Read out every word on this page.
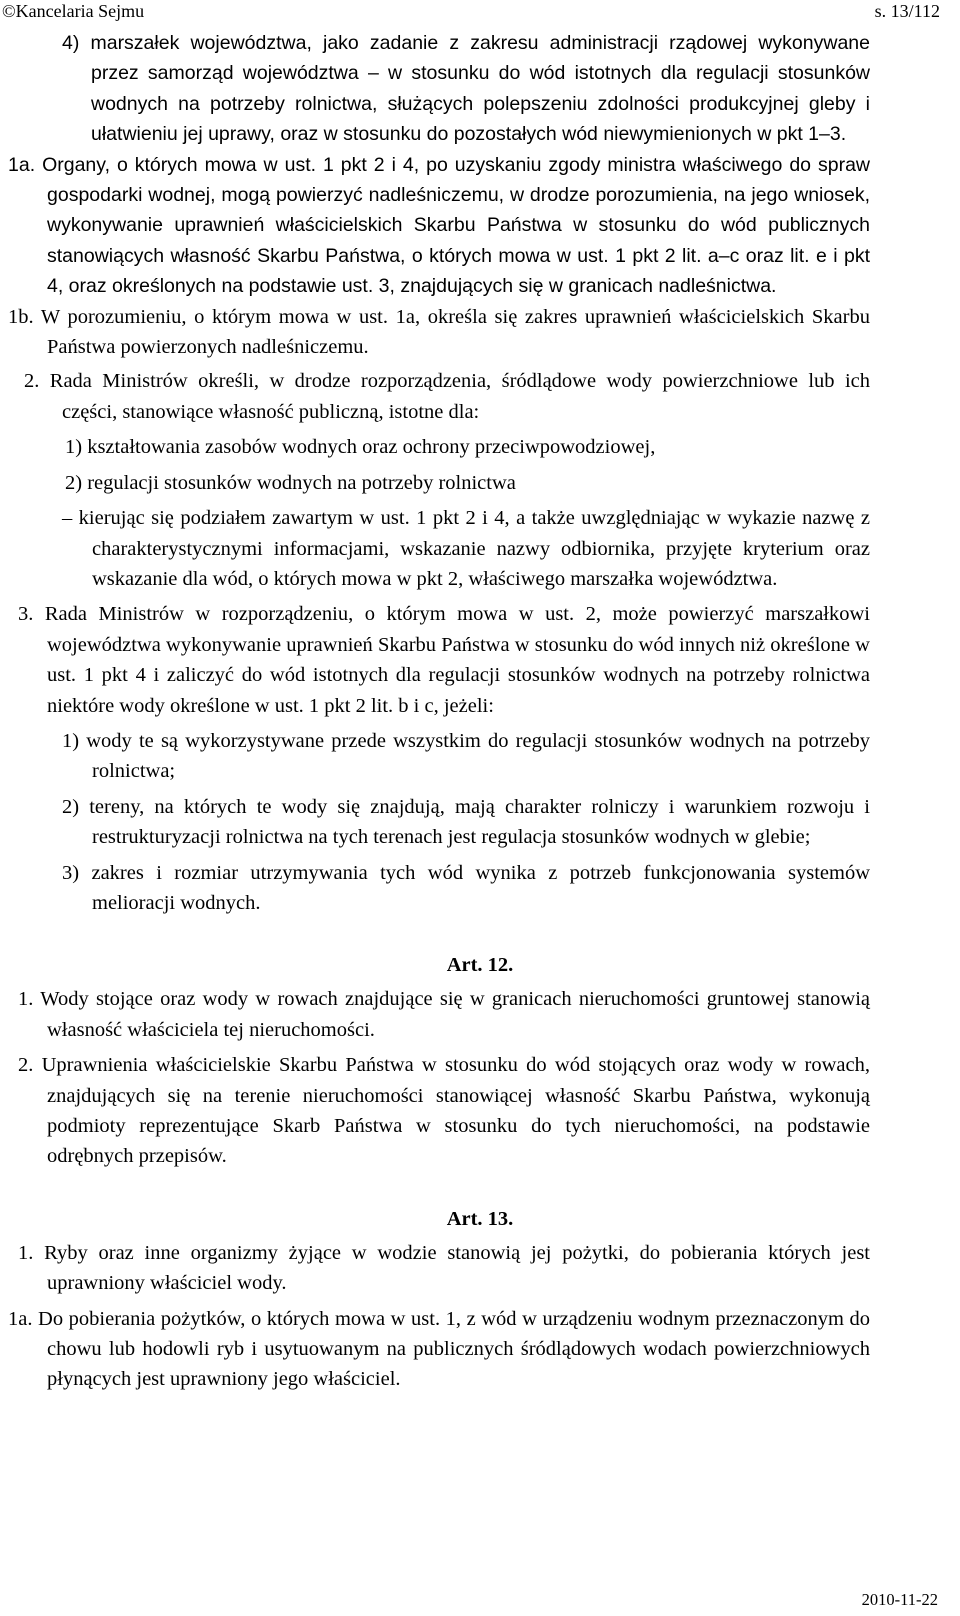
©Kancelaria Sejmu	s. 13/112

4) marszałek województwa, jako zadanie z zakresu administracji rządowej wykonywane przez samorząd województwa – w stosunku do wód istotnych dla regulacji stosunków wodnych na potrzeby rolnictwa, służących polepszeniu zdolności produkcyjnej gleby i ułatwieniu jej uprawy, oraz w stosunku do pozostałych wód niewymienionych w pkt 1–3.

1a. Organy, o których mowa w ust. 1 pkt 2 i 4, po uzyskaniu zgody ministra właściwego do spraw gospodarki wodnej, mogą powierzyć nadleśniczemu, w drodze porozumienia, na jego wniosek, wykonywanie uprawnień właścicielskich Skarbu Państwa w stosunku do wód publicznych stanowiących własność Skarbu Państwa, o których mowa w ust. 1 pkt 2 lit. a–c oraz lit. e i pkt 4, oraz określonych na podstawie ust. 3, znajdujących się w granicach nadleśnictwa.

1b. W porozumieniu, o którym mowa w ust. 1a, określa się zakres uprawnień właścicielskich Skarbu Państwa powierzonych nadleśniczemu.

2. Rada Ministrów określi, w drodze rozporządzenia, śródlądowe wody powierzchniowe lub ich części, stanowiące własność publiczną, istotne dla:

1) kształtowania zasobów wodnych oraz ochrony przeciwpowodziowej,

2) regulacji stosunków wodnych na potrzeby rolnictwa

– kierując się podziałem zawartym w ust. 1 pkt 2 i 4, a także uwzględniając w wykazie nazwę z charakterystycznymi informacjami, wskazanie nazwy odbiornika, przyjęte kryterium oraz wskazanie dla wód, o których mowa w pkt 2, właściwego marszałka województwa.

3. Rada Ministrów w rozporządzeniu, o którym mowa w ust. 2, może powierzyć marszałkowi województwa wykonywanie uprawnień Skarbu Państwa w stosunku do wód innych niż określone w ust. 1 pkt 4 i zaliczyć do wód istotnych dla regulacji stosunków wodnych na potrzeby rolnictwa niektóre wody określone w ust. 1 pkt 2 lit. b i c, jeżeli:

1) wody te są wykorzystywane przede wszystkim do regulacji stosunków wodnych na potrzeby rolnictwa;

2) tereny, na których te wody się znajdują, mają charakter rolniczy i warunkiem rozwoju i restrukturyzacji rolnictwa na tych terenach jest regulacja stosunków wodnych w glebie;

3) zakres i rozmiar utrzymywania tych wód wynika z potrzeb funkcjonowania systemów melioracji wodnych.

Art. 12.

1. Wody stojące oraz wody w rowach znajdujące się w granicach nieruchomości gruntowej stanowią własność właściciela tej nieruchomości.

2. Uprawnienia właścicielskie Skarbu Państwa w stosunku do wód stojących oraz wody w rowach, znajdujących się na terenie nieruchomości stanowiącej własność Skarbu Państwa, wykonują podmioty reprezentujące Skarb Państwa w stosunku do tych nieruchomości, na podstawie odrębnych przepisów.

Art. 13.

1. Ryby oraz inne organizmy żyjące w wodzie stanowią jej pożytki, do pobierania których jest uprawniony właściciel wody.

1a. Do pobierania pożytków, o których mowa w ust. 1, z wód w urządzeniu wodnym przeznaczonym do chowu lub hodowli ryb i usytuowanym na publicznych śródlądowych wodach powierzchniowych płynących jest uprawniony jego właściciel.

2010-11-22
